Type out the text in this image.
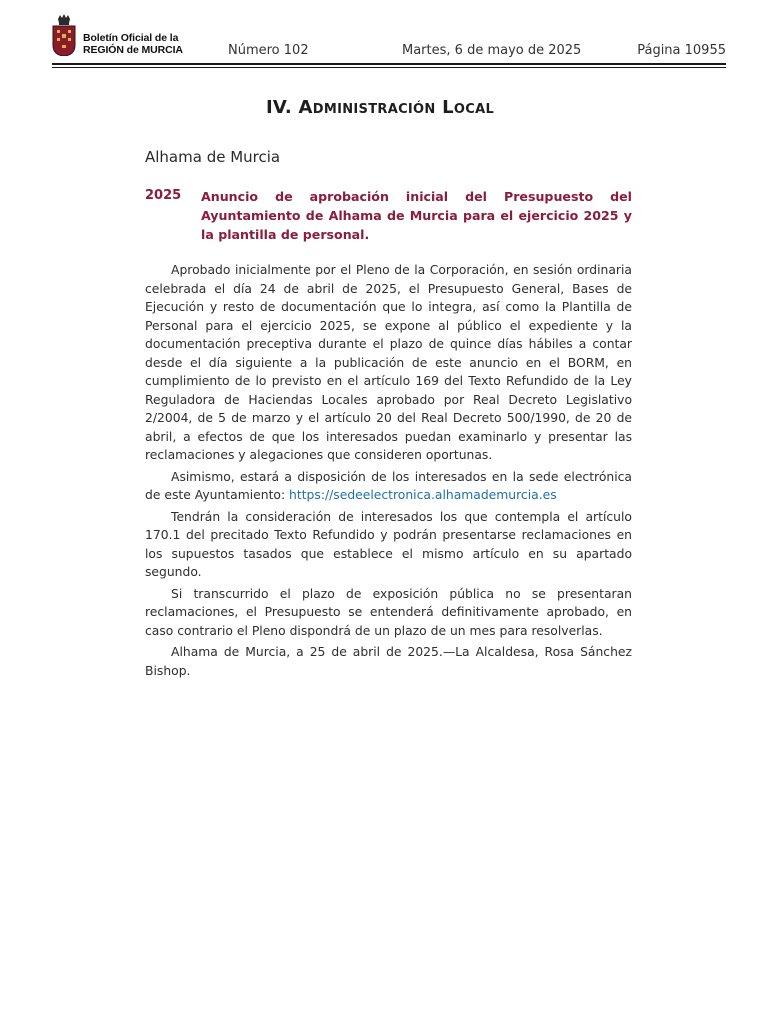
Boletín Oficial de la
REGIÓN de MURCIA	Número 102	Martes, 6 de mayo de 2025	Página 10955
IV. Administración Local
Alhama de Murcia
2025 Anuncio de aprobación inicial del Presupuesto del Ayuntamiento de Alhama de Murcia para el ejercicio 2025 y la plantilla de personal.

Aprobado inicialmente por el Pleno de la Corporación, en sesión ordinaria celebrada el día 24 de abril de 2025, el Presupuesto General, Bases de Ejecución y resto de documentación que lo integra, así como la Plantilla de Personal para el ejercicio 2025, se expone al público el expediente y la documentación preceptiva durante el plazo de quince días hábiles a contar desde el día siguiente a la publicación de este anuncio en el BORM, en cumplimiento de lo previsto en el artículo 169 del Texto Refundido de la Ley Reguladora de Haciendas Locales aprobado por Real Decreto Legislativo 2/2004, de 5 de marzo y el artículo 20 del Real Decreto 500/1990, de 20 de abril, a efectos de que los interesados puedan examinarlo y presentar las reclamaciones y alegaciones que consideren oportunas.

Asimismo, estará a disposición de los interesados en la sede electrónica de este Ayuntamiento: https://sedeelectronica.alhamademurcia.es

Tendrán la consideración de interesados los que contempla el artículo 170.1 del precitado Texto Refundido y podrán presentarse reclamaciones en los supuestos tasados que establece el mismo artículo en su apartado segundo.

Si transcurrido el plazo de exposición pública no se presentaran reclamaciones, el Presupuesto se entenderá definitivamente aprobado, en caso contrario el Pleno dispondrá de un plazo de un mes para resolverlas.

Alhama de Murcia, a 25 de abril de 2025.—La Alcaldesa, Rosa Sánchez Bishop.
